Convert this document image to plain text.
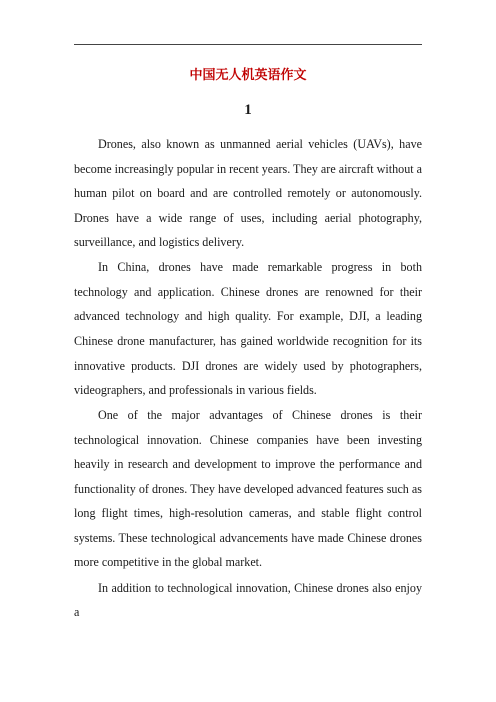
中国无人机英语作文
1

Drones, also known as unmanned aerial vehicles (UAVs), have become increasingly popular in recent years. They are aircraft without a human pilot on board and are controlled remotely or autonomously. Drones have a wide range of uses, including aerial photography, surveillance, and logistics delivery.

In China, drones have made remarkable progress in both technology and application. Chinese drones are renowned for their advanced technology and high quality. For example, DJI, a leading Chinese drone manufacturer, has gained worldwide recognition for its innovative products. DJI drones are widely used by photographers, videographers, and professionals in various fields.

One of the major advantages of Chinese drones is their technological innovation. Chinese companies have been investing heavily in research and development to improve the performance and functionality of drones. They have developed advanced features such as long flight times, high-resolution cameras, and stable flight control systems. These technological advancements have made Chinese drones more competitive in the global market.

In addition to technological innovation, Chinese drones also enjoy a
